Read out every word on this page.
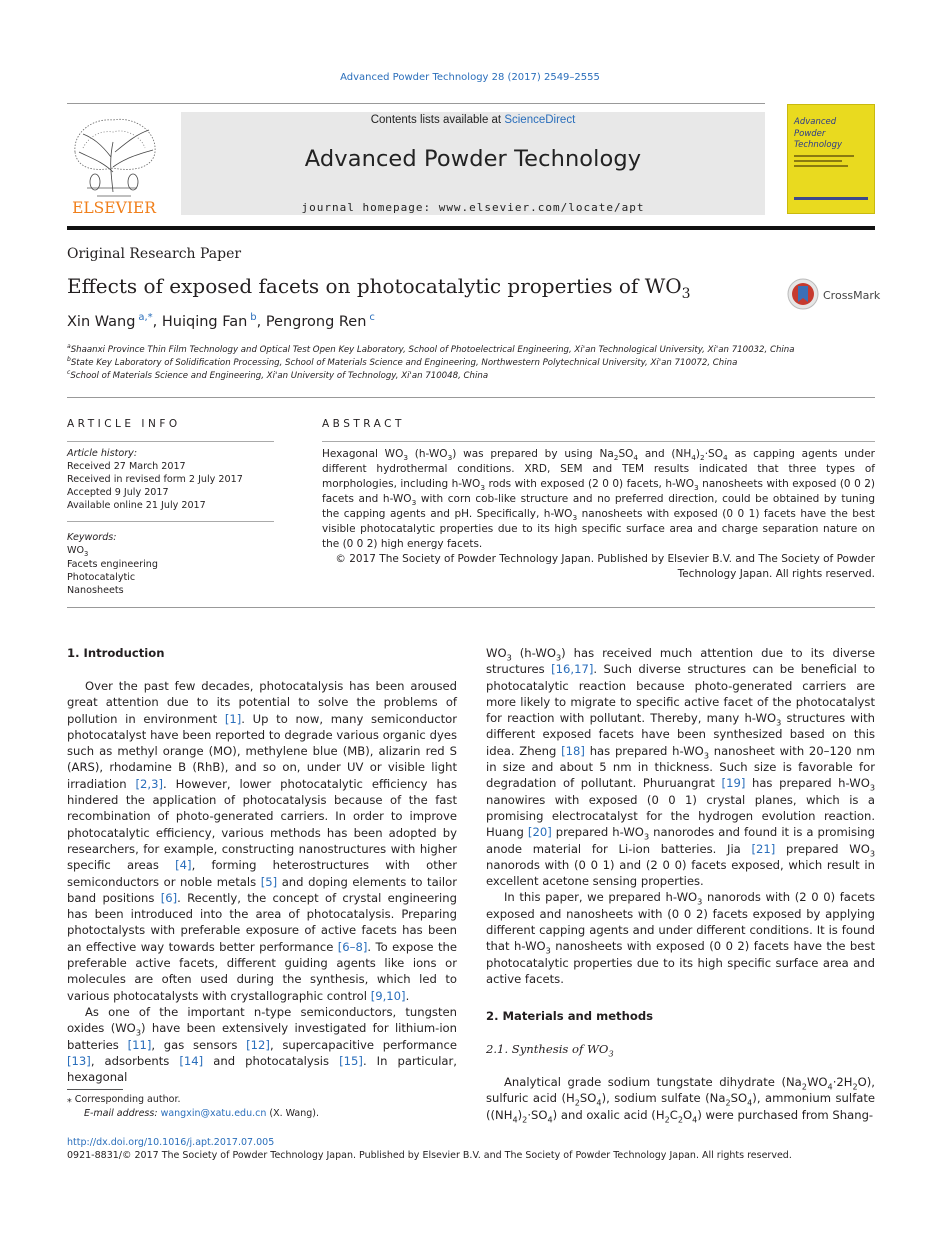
Advanced Powder Technology 28 (2017) 2549–2555
ELSEVIER
Contents lists available at ScienceDirect
Advanced Powder Technology
journal homepage: www.elsevier.com/locate/apt
Advanced
Powder
Technology
Original Research Paper
Effects of exposed facets on photocatalytic properties of $WO_3$	CrossMark
Xin Wang  $^{a,*}$, Huiqing Fan  $^b$, Pengrong Ren  $^c$
$^a$Shaanxi Province Thin Film Technology and Optical Test Open Key Laboratory, School of Photoelectrical Engineering, Xi'an Technological University, Xi'an 710032, China
$^b$State Key Laboratory of Solidification Processing, School of Materials Science and Engineering, Northwestern Polytechnical University, Xi'an 710072, China
$^c$School of Materials Science and Engineering, Xi'an University of Technology, Xi'an 710048, China
ARTICLE INFO
Article history:
Received 27 March 2017
Received in revised form 2 July 2017
Accepted 9 July 2017
Available online 21 July 2017
Keywords:
$WO_3$
Facets engineering
Photocatalytic
Nanosheets
ABSTRACT
Hexagonal $WO_3$ $(h-WO_3)$ was prepared by using $Na_2SO_4$ and $(NH_4)_2\cdot SO_4$ as capping agents under different hydrothermal conditions. XRD, SEM and TEM results indicated that three types of morphologies, including $h-WO_3$ rods with exposed (2 0 0) facets, $h-WO_3$ nanosheets with exposed (0 0 2) facets and $h-WO_3$ with corn cob-like structure and no preferred direction, could be obtained by tuning the capping agents and pH. Specifically, $h-WO_3$ nanosheets with exposed (0 0 1) facets have the best visible photocatalytic properties due to its high specific surface area and charge separation nature on the (0 0 2) high energy facets.
© 2017 The Society of Powder Technology Japan. Published by Elsevier B.V. and The Society of Powder
Technology Japan. All rights reserved.
1. Introduction

Over the past few decades, photocatalysis has been aroused great attention due to its potential to solve the problems of pollution in environment [1]. Up to now, many semiconductor photocatalyst have been reported to degrade various organic dyes such as methyl orange (MO), methylene blue (MB), alizarin red S (ARS), rhodamine B (RhB), and so on, under UV or visible light irradiation [2,3]. However, lower photocatalytic efficiency has hindered the application of photocatalysis because of the fast recombination of photo-generated carriers. In order to improve photocatalytic efficiency, various methods has been adopted by researchers, for example, constructing nanostructures with higher specific areas [4], forming heterostructures with other semiconductors or noble metals [5] and doping elements to tailor band positions [6]. Recently, the concept of crystal engineering has been introduced into the area of photocatalysis. Preparing photoctalysts with preferable exposure of active facets has been an effective way towards better performance [6–8]. To expose the preferable active facets, different guiding agents like ions or molecules are often used during the synthesis, which led to various photocatalysts with crystallographic control [9,10].

As one of the important n-type semiconductors, tungsten oxides $(WO_3)$ have been extensively investigated for lithium-ion batteries [11], gas sensors [12], supercapacitive performance [13], adsorbents [14] and photocatalysis [15]. In particular, hexagonal

⁎ Corresponding author.
E-mail address: wangxin@xatu.edu.cn (X. Wang).

$WO_3$ $(h-WO_3)$ has received much attention due to its diverse structures [16,17]. Such diverse structures can be beneficial to photocatalytic reaction because photo-generated carriers are more likely to migrate to specific active facet of the photocatalyst for reaction with pollutant. Thereby, many $h-WO_3$ structures with different exposed facets have been synthesized based on this idea. Zheng [18] has prepared $h-WO_3$ nanosheet with 20–120 nm in size and about 5 nm in thickness. Such size is favorable for degradation of pollutant. Phuruangrat [19] has prepared $h-WO_3$ nanowires with exposed (0 0 1) crystal planes, which is a promising electrocatalyst for the hydrogen evolution reaction. Huang [20] prepared $h-WO_3$ nanorodes and found it is a promising anode material for Li-ion batteries. Jia [21] prepared $WO_3$ nanorods with (0 0 1) and (2 0 0) facets exposed, which result in excellent acetone sensing properties.

In this paper, we prepared $h-WO_3$ nanorods with (2 0 0) facets exposed and nanosheets with (0 0 2) facets exposed by applying different capping agents and under different conditions. It is found that $h-WO_3$ nanosheets with exposed (0 0 2) facets have the best photocatalytic properties due to its high specific surface area and active facets.

2. Materials and methods
2.1. Synthesis of $WO_3$

Analytical grade sodium tungstate dihydrate $(Na_2WO_4\cdot 2H_2O)$, sulfuric acid $(H_2SO_4)$, sodium sulfate $(Na_2SO_4)$, ammonium sulfate $((NH_4)_2\cdot SO_4)$ and oxalic acid $(H_2C_2O_4)$ were purchased from Shang-

http://dx.doi.org/10.1016/j.apt.2017.07.005
0921-8831/© 2017 The Society of Powder Technology Japan. Published by Elsevier B.V. and The Society of Powder Technology Japan. All rights reserved.
